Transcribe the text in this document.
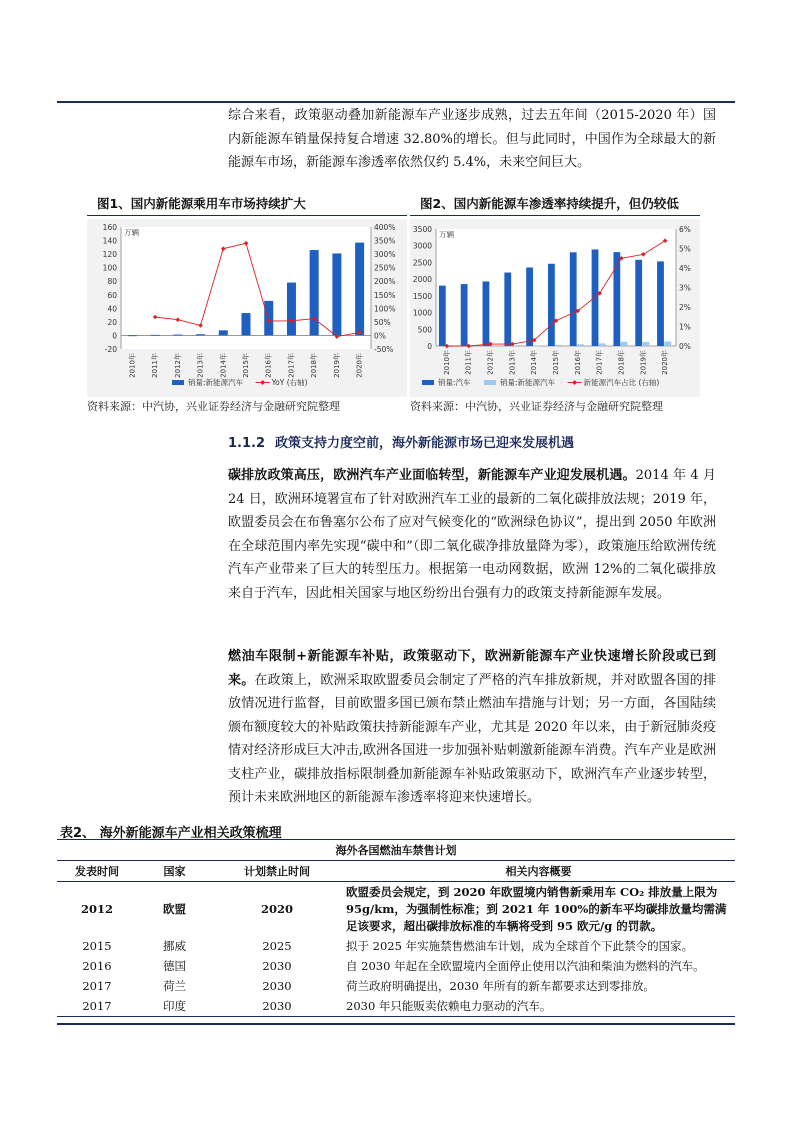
综合来看，政策驱动叠加新能源车产业逐步成熟，过去五年间（2015-2020 年）国内新能源车销量保持复合增速 32.80%的增长。但与此同时，中国作为全球最大的新能源车市场，新能源车渗透率依然仅约 5.4%，未来空间巨大。

图1、国内新能源乘用车市场持续扩大
-20
0
20
40
60
80
100
120
140
160
-50%
0%
50%
100%
150%
200%
250%
300%
350%
400%
万辆
2010年 2011年 2012年 2013年 2014年 2015年 2016年 2017年 2018年 2019年 2020年
销量:新能源汽车	YoY (右轴)
资料来源：中汽协，兴业证券经济与金融研究院整理
图2、国内新能源车渗透率持续提升，但仍较低
0
500
1000
1500
2000
2500
3000
3500
0%
1%
2%
3%
4%
5%
6%
万辆
2010年 2011年 2012年 2013年 2014年 2015年 2016年 2017年 2018年 2019年 2020年
销量:汽车	销量:新能源汽车	新能源汽车占比 (右轴)
资料来源：中汽协，兴业证券经济与金融研究院整理
1.1.2 政策支持力度空前，海外新能源市场已迎来发展机遇

碳排放政策高压，欧洲汽车产业面临转型，新能源车产业迎发展机遇。2014 年 4 月 24 日，欧洲环境署宣布了针对欧洲汽车工业的最新的二氧化碳排放法规；2019 年，欧盟委员会在布鲁塞尔公布了应对气候变化的“欧洲绿色协议”，提出到 2050 年欧洲在全球范围内率先实现“碳中和”（即二氧化碳净排放量降为零），政策施压给欧洲传统汽车产业带来了巨大的转型压力。根据第一电动网数据，欧洲 12%的二氧化碳排放来自于汽车，因此相关国家与地区纷纷出台强有力的政策支持新能源车发展。

燃油车限制+新能源车补贴，政策驱动下，欧洲新能源车产业快速增长阶段或已到来。在政策上，欧洲采取欧盟委员会制定了严格的汽车排放新规，并对欧盟各国的排放情况进行监督，目前欧盟多国已颁布禁止燃油车措施与计划；另一方面，各国陆续颁布额度较大的补贴政策扶持新能源车产业，尤其是 2020 年以来，由于新冠肺炎疫情对经济形成巨大冲击,欧洲各国进一步加强补贴刺激新能源车消费。汽车产业是欧洲支柱产业，碳排放指标限制叠加新能源车补贴政策驱动下，欧洲汽车产业逐步转型，预计未来欧洲地区的新能源车渗透率将迎来快速增长。

表2、 海外新能源车产业相关政策梳理
海外各国燃油车禁售计划			
发表时间	国家	计划禁止时间	相关内容概要
2012	欧盟	2020	欧盟委员会规定，到 2020 年欧盟境内销售新乘用车 CO₂ 排放量上限为 95g/km，为强制性标准；到 2021 年 100%的新车平均碳排放量均需满足该要求，超出碳排放标准的车辆将受到 95 欧元/g 的罚款。
2015	挪威	2025	拟于 2025 年实施禁售燃油车计划，成为全球首个下此禁令的国家。
2016	德国	2030	自 2030 年起在全欧盟境内全面停止使用以汽油和柴油为燃料的汽车。
2017	荷兰	2030	荷兰政府明确提出，2030 年所有的新车都要求达到零排放。
2017	印度	2030	2030 年只能贩卖依赖电力驱动的汽车。
